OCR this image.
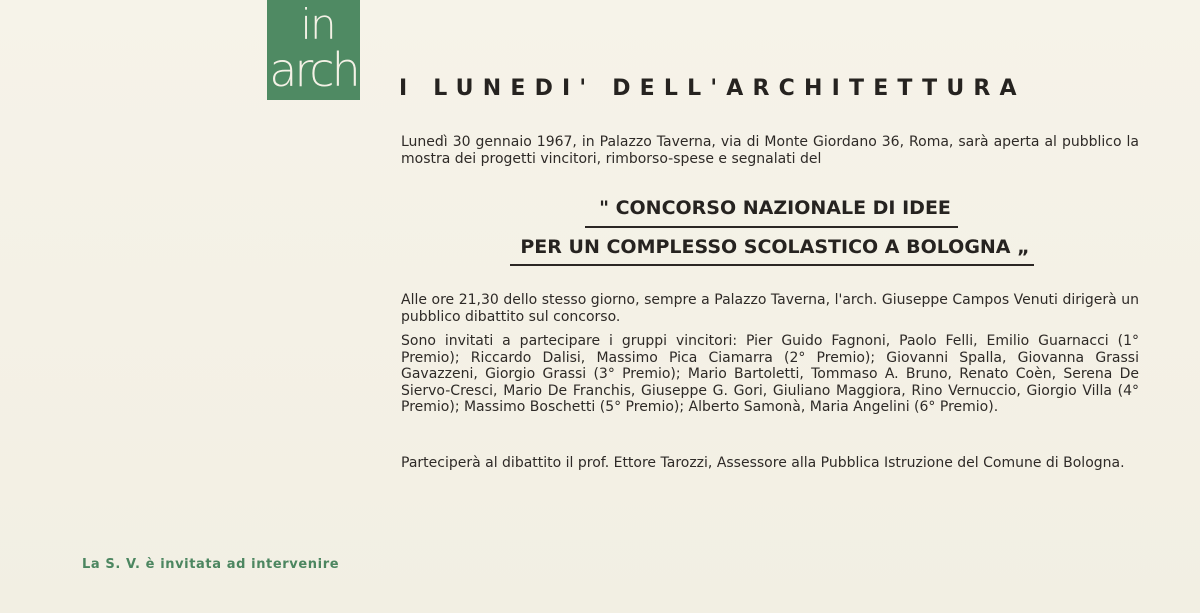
in
arch I LUNEDI' DELL'ARCHITETTURA
Lunedì 30 gennaio 1967, in Palazzo Taverna, via di Monte Giordano 36, Roma, sarà aperta al pubblico la mostra dei progetti vincitori, rimborso-spese e segnalati del
" CONCORSO NAZIONALE DI IDEE
PER UN COMPLESSO SCOLASTICO A BOLOGNA „
Alle ore 21,30 dello stesso giorno, sempre a Palazzo Taverna, l'arch. Giuseppe Campos Venuti dirigerà un pubblico dibattito sul concorso.
Sono invitati a partecipare i gruppi vincitori: Pier Guido Fagnoni, Paolo Felli, Emilio Guarnacci (1° Premio); Riccardo Dalisi, Massimo Pica Ciamarra (2° Premio); Giovanni Spalla, Giovanna Grassi Gavazzeni, Giorgio Grassi (3° Premio); Mario Bartoletti, Tommaso A. Bruno, Renato Coèn, Serena De Siervo-Cresci, Mario De Franchis, Giuseppe G. Gori, Giuliano Maggiora, Rino Vernuccio, Giorgio Villa (4° Premio); Massimo Boschetti (5° Premio); Alberto Samonà, Maria Angelini (6° Premio).
Parteciperà al dibattito il prof. Ettore Tarozzi, Assessore alla Pubblica Istruzione del Comune di Bologna.
La S. V. è invitata ad intervenire
